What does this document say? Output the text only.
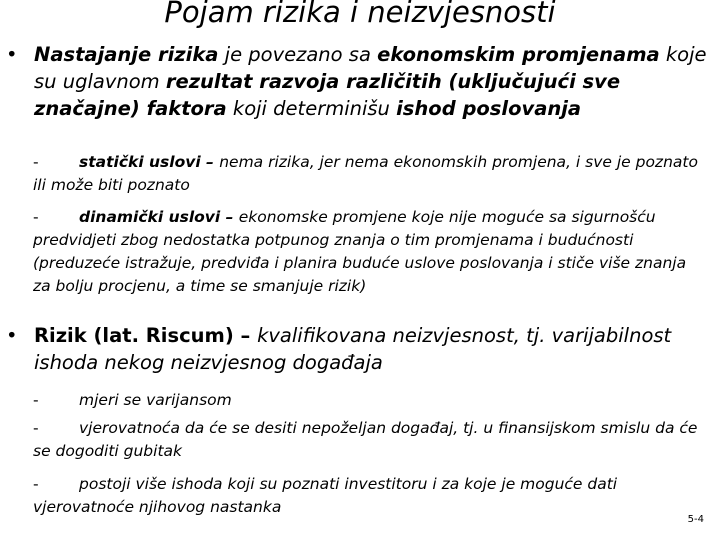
Pojam rizika i neizvjesnosti
• Nastajanje rizika je povezano sa ekonomskim promjenama koje su uglavnom rezultat razvoja različitih (uključujući sve značajne) faktora koji determinišu ishod poslovanja
-	statički uslovi – nema rizika, jer nema ekonomskih promjena, i sve je poznato ili može biti poznato
-	dinamički uslovi – ekonomske promjene koje nije moguće sa sigurnošću predvidjeti zbog nedostatka potpunog znanja o tim promjenama i budućnosti (preduzeće istražuje, predviđa i planira buduće uslove poslovanja i stiče više znanja za bolju procjenu, a time se smanjuje rizik)
• Rizik (lat. Riscum) – kvalifikovana neizvjesnost, tj. varijabilnost ishoda nekog neizvjesnog događaja
-	mjeri se varijansom
-	vjerovatnoća da će se desiti nepoželjan događaj, tj. u finansijskom smislu da će se dogoditi gubitak
-	postoji više ishoda koji su poznati investitoru i za koje je moguće dati vjerovatnoće njihovog nastanka
5-4
